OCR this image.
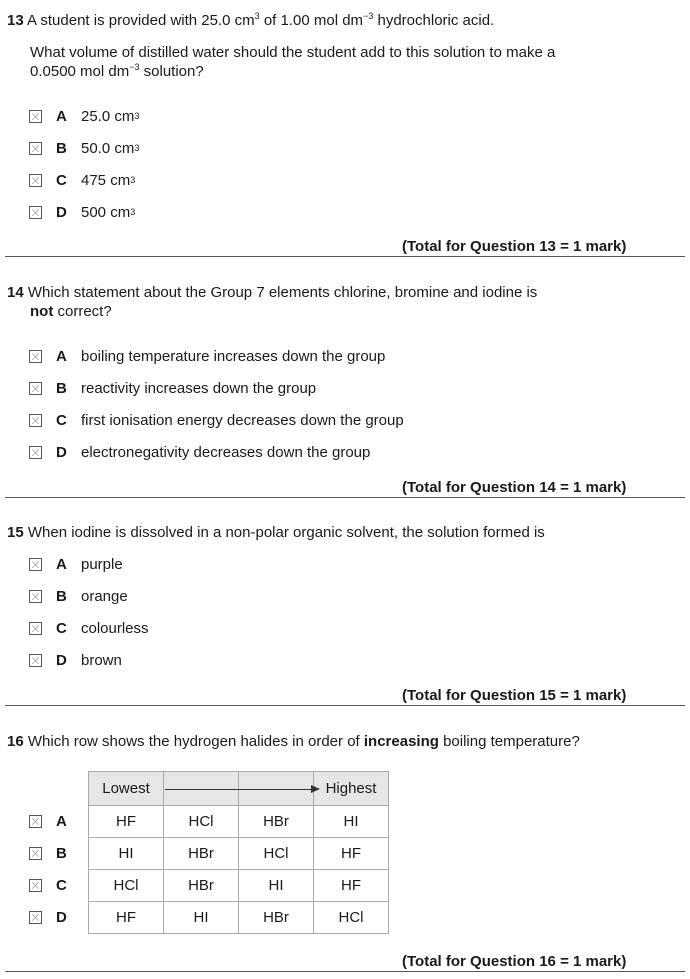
13 A student is provided with 25.0 $cm^3$ of 1.00 mol $dm^{-3}$ hydrochloric acid.
What volume of distilled water should the student add to this solution to make a
0.0500 mol $dm^{-3}$ solution?
A 25.0 cm 3
B 50.0 cm 3
C 475 cm 3
D 500 cm 3
(Total for Question 13 = 1 mark)
14 Which statement about the Group 7 elements chlorine, bromine and iodine is
not correct?
A boiling temperature increases down the group
B reactivity increases down the group
C first ionisation energy decreases down the group
D electronegativity decreases down the group
(Total for Question 14 = 1 mark)
15 When iodine is dissolved in a non-polar organic solvent, the solution formed is
A purple
B orange
C colourless
D brown
(Total for Question 15 = 1 mark)
16 Which row shows the hydrogen halides in order of increasing boiling temperature?
Lowest			Highest
HF	HCl	HBr	HI
HI	HBr	HCl	HF
HCl	HBr	HI	HF
HF	HI	HBr	HCl
A
B
C
D
(Total for Question 16 = 1 mark)
